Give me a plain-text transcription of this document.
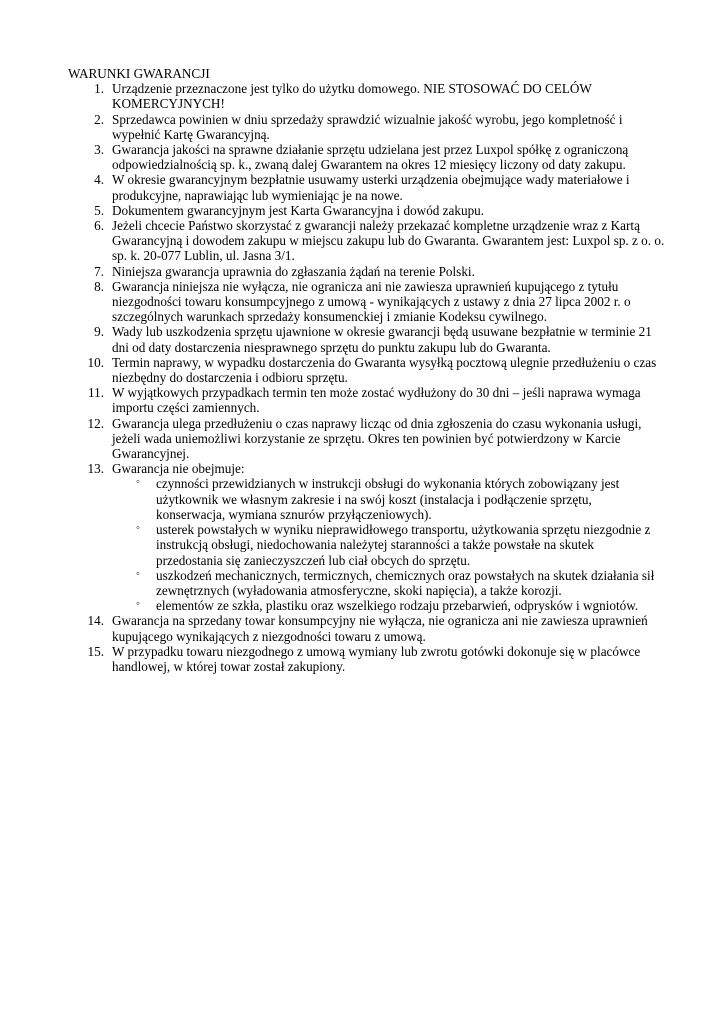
WARUNKI GWARANCJI
1. Urządzenie przeznaczone jest tylko do użytku domowego. NIE STOSOWAĆ DO CELÓW KOMERCYJNYCH!
2. Sprzedawca powinien w dniu sprzedaży sprawdzić wizualnie jakość wyrobu, jego kompletność i wypełnić Kartę Gwarancyjną.
3. Gwarancja jakości na sprawne działanie sprzętu udzielana jest przez Luxpol spółkę z ograniczoną odpowiedzialnością sp. k., zwaną dalej Gwarantem na okres 12 miesięcy liczony od daty zakupu.
4. W okresie gwarancyjnym bezpłatnie usuwamy usterki urządzenia obejmujące wady materiałowe i produkcyjne, naprawiając lub wymieniając je na nowe.
5. Dokumentem gwarancyjnym jest Karta Gwarancyjna i dowód zakupu.
6. Jeżeli chcecie Państwo skorzystać z gwarancji należy przekazać kompletne urządzenie wraz z Kartą Gwarancyjną i dowodem zakupu w miejscu zakupu lub do Gwaranta. Gwarantem jest: Luxpol sp. z o. o. sp. k. 20-077 Lublin, ul. Jasna 3/1.
7. Niniejsza gwarancja uprawnia do zgłaszania żądań na terenie Polski.
8. Gwarancja niniejsza nie wyłącza, nie ogranicza ani nie zawiesza uprawnień kupującego z tytułu niezgodności towaru konsumpcyjnego z umową - wynikających z ustawy z dnia 27 lipca 2002 r. o szczególnych warunkach sprzedaży konsumenckiej i zmianie Kodeksu cywilnego.
9. Wady lub uszkodzenia sprzętu ujawnione w okresie gwarancji będą usuwane bezpłatnie w terminie 21 dni od daty dostarczenia niesprawnego sprzętu do punktu zakupu lub do Gwaranta.
10. Termin naprawy, w wypadku dostarczenia do Gwaranta wysyłką pocztową ulegnie przedłużeniu o czas niezbędny do dostarczenia i odbioru sprzętu.
11. W wyjątkowych przypadkach termin ten może zostać wydłużony do 30 dni – jeśli naprawa wymaga importu części zamiennych.
12. Gwarancja ulega przedłużeniu o czas naprawy licząc od dnia zgłoszenia do czasu wykonania usługi, jeżeli wada uniemożliwi korzystanie ze sprzętu. Okres ten powinien być potwierdzony w Karcie Gwarancyjnej.
13. Gwarancja nie obejmuje:
◦ czynności przewidzianych w instrukcji obsługi do wykonania których zobowiązany jest użytkownik we własnym zakresie i na swój koszt (instalacja i podłączenie sprzętu, konserwacja, wymiana sznurów przyłączeniowych).
◦ usterek powstałych w wyniku nieprawidłowego transportu, użytkowania sprzętu niezgodnie z instrukcją obsługi, niedochowania należytej staranności a także powstałe na skutek przedostania się zanieczyszczeń lub ciał obcych do sprzętu.
◦ uszkodzeń mechanicznych, termicznych, chemicznych oraz powstałych na skutek działania sił zewnętrznych (wyładowania atmosferyczne, skoki napięcia), a także korozji.
◦ elementów ze szkła, plastiku oraz wszelkiego rodzaju przebarwień, odprysków i wgniotów.
14. Gwarancja na sprzedany towar konsumpcyjny nie wyłącza, nie ogranicza ani nie zawiesza uprawnień kupującego wynikających z niezgodności towaru z umową.
15. W przypadku towaru niezgodnego z umową wymiany lub zwrotu gotówki dokonuje się w placówce handlowej, w której towar został zakupiony.
